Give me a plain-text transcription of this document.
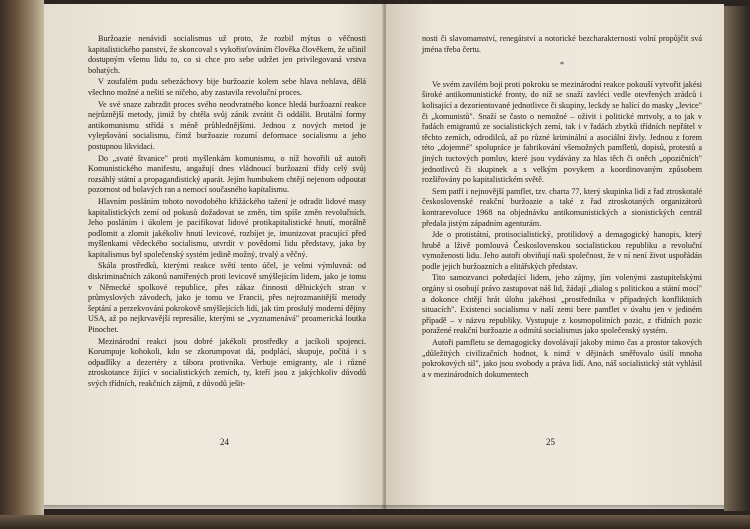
Buržoazie nenávidí socialismus už proto, že rozbil mýtus o věčnosti kapitalistického panství, že skoncoval s vykořisťováním člověka člověkem, že učinil dostupným všemu lidu to, co si chce pro sebe udržet jen privilegovaná vrstva bohatých.

V zoufalém pudu sebezáchovy bije buržoazie kolem sebe hlava nehlava, dělá všechno možné a nešití se ničeho, aby zastavila revoluční proces.

Ve své snaze zabrzdit proces svého neodvratného konce hledá buržoazní reakce nejrůznější metody, jimiž by chtěla svůj zánik zvrátit či oddálit. Brutální formy antikomunismu střídá s méně průhlednějšími. Jednou z nových metod je vylepšování socialismu, čímž buržoazie rozumí deformace socialismu a jeho postupnou likvidaci.

Do „svaté štvanice" proti myšlenkám komunismu, o níž hovořili už autoři Komunistického manifestu, angažují dnes vládnoucí buržoazní třídy celý svůj rozsáhlý státní a propagandistický aparát. Jejím humbukem chtějí nejenom odpoutat pozornost od bolavých ran a nemocí současného kapitalismu.

Hlavním posláním tohoto novodobého křižáckého tažení je odradit lidové masy kapitalistických zemí od pokusů dožadovat se změn, tím spíše změn revolučních. Jeho posláním i úkolem je pacifikovat lidové protikapitalistické hnutí, morálně podlomit a zlomit jakékoliv hnutí levicové, rozbíjet je, imunizovat pracující před myšlenkami vědeckého socialismu, utvrdit v povědomí lidu představy, jako by kapitalismus byl společenský systém jedině možný, trvalý a věčný.

Skála prostředků, kterými reakce světí tento účel, je velmi výmluvná: od diskriminačních zákonů namířených proti levicově smýšlejícím lidem, jako je tomu v Německé spolkové republice, přes zákaz činnosti dělnických stran v průmyslových závodech, jako je tomu ve Francii, přes nejrozmanitější metody šeptání a perzekvování pokrokově smýšlejících lidí, jak tím proslulý moderní dějiny USA, až po nejkrvavější represálie, kterými se „vyznamenává" proamerická loutka Pinochet.

Mezinárodní reakci jsou dobré jakékoli prostředky a jacíkoli spojenci. Korumpuje kohokoli, kdo se zkorumpovat dá, podplácí, skupuje, počítá i s odpadlíky a dezertéry z tábora protivníka. Verbuje emigranty, ale i různé ztroskotance žijící v socialistických zemích, ty, kteří jsou z jakýchkoliv důvodů svých třídních, reakčních zájmů, z důvodů ješit-

24

nosti či slavomamství, renegátství a notorické bezcharakternosti volní propůjčit svá jména třeba čertu.

*

Ve svém zavilém boji proti pokroku se mezinárodní reakce pokouší vytvořit jakési široké antikomunistické fronty, do níž se snaží zavléci vedle otevřených zrádců i kolisající a dezorientované jednotlivce či skupiny, leckdy se halící do masky „levice" či „komunistů". Snaží se často o nemožné – oživit i politické mrtvoly, a to jak v řadách emigrantů ze socialistických zemí, tak i v řadách zbytků třídních nepřátel v těchto zemích, odrodilců, až po různé kriminální a asociální živly. Jednou z forem této „dojemné" spolupráce je fabrikování všemožných pamfletů, dopisů, protestů a jiných tuctových pomluv, které jsou vydávány za hlas těch či oněch „opozičních" jednotlivců či skupinek a s velkým povykem a koordinovaným způsobem rozšiřovány po kapitalistickém světě.

Sem patří i nejnovější pamflet, tzv. charta 77, který skupinka lidí z řad ztroskotalé československé reakční buržoazie a také z řad ztroskotaných organizátorů kontrarevoluce 1968 na objednávku antikomunistických a sionistických centrál předala jistým západním agenturám.

Jde o protistátní, protisocialistický, protilidový a demagogický hanopis, který hrubě a lživě pomlouvá Československou socialistickou republiku a revoluční vymoženosti lidu. Jeho autoři obviňují naši společnost, že v ní není život uspořádán podle jejich buržoazních a elitářských představ.

Tito samozvanci pohrdající lidem, jeho zájmy, jím volenými zastupitelskými orgány si osobují právo zastupovat náš lid, žádají „dialog s politickou a státní mocí" a dokonce chtějí hrát úlohu jakéhosi „prostředníka v případných konfliktních situacích". Existenci socialismu v naší zemi bere pamflet v úvahu jen v jediném případě – v názvu republiky. Vystupuje z kosmopolitních pozic, z třídních pozic poražené reakční buržoazie a odmítá socialismus jako společenský systém.

Autoři pamfletu se demagogicky dovolávají jakoby mimo čas a prostor takových „důležitých civilizačních hodnot, k nimž v dějinách směřovalo úsilí mnoha pokrokových sil", jako jsou svobody a práva lidí. Ano, náš socialistický stát vyhlásil a v mezinárodních dokumentech

25
